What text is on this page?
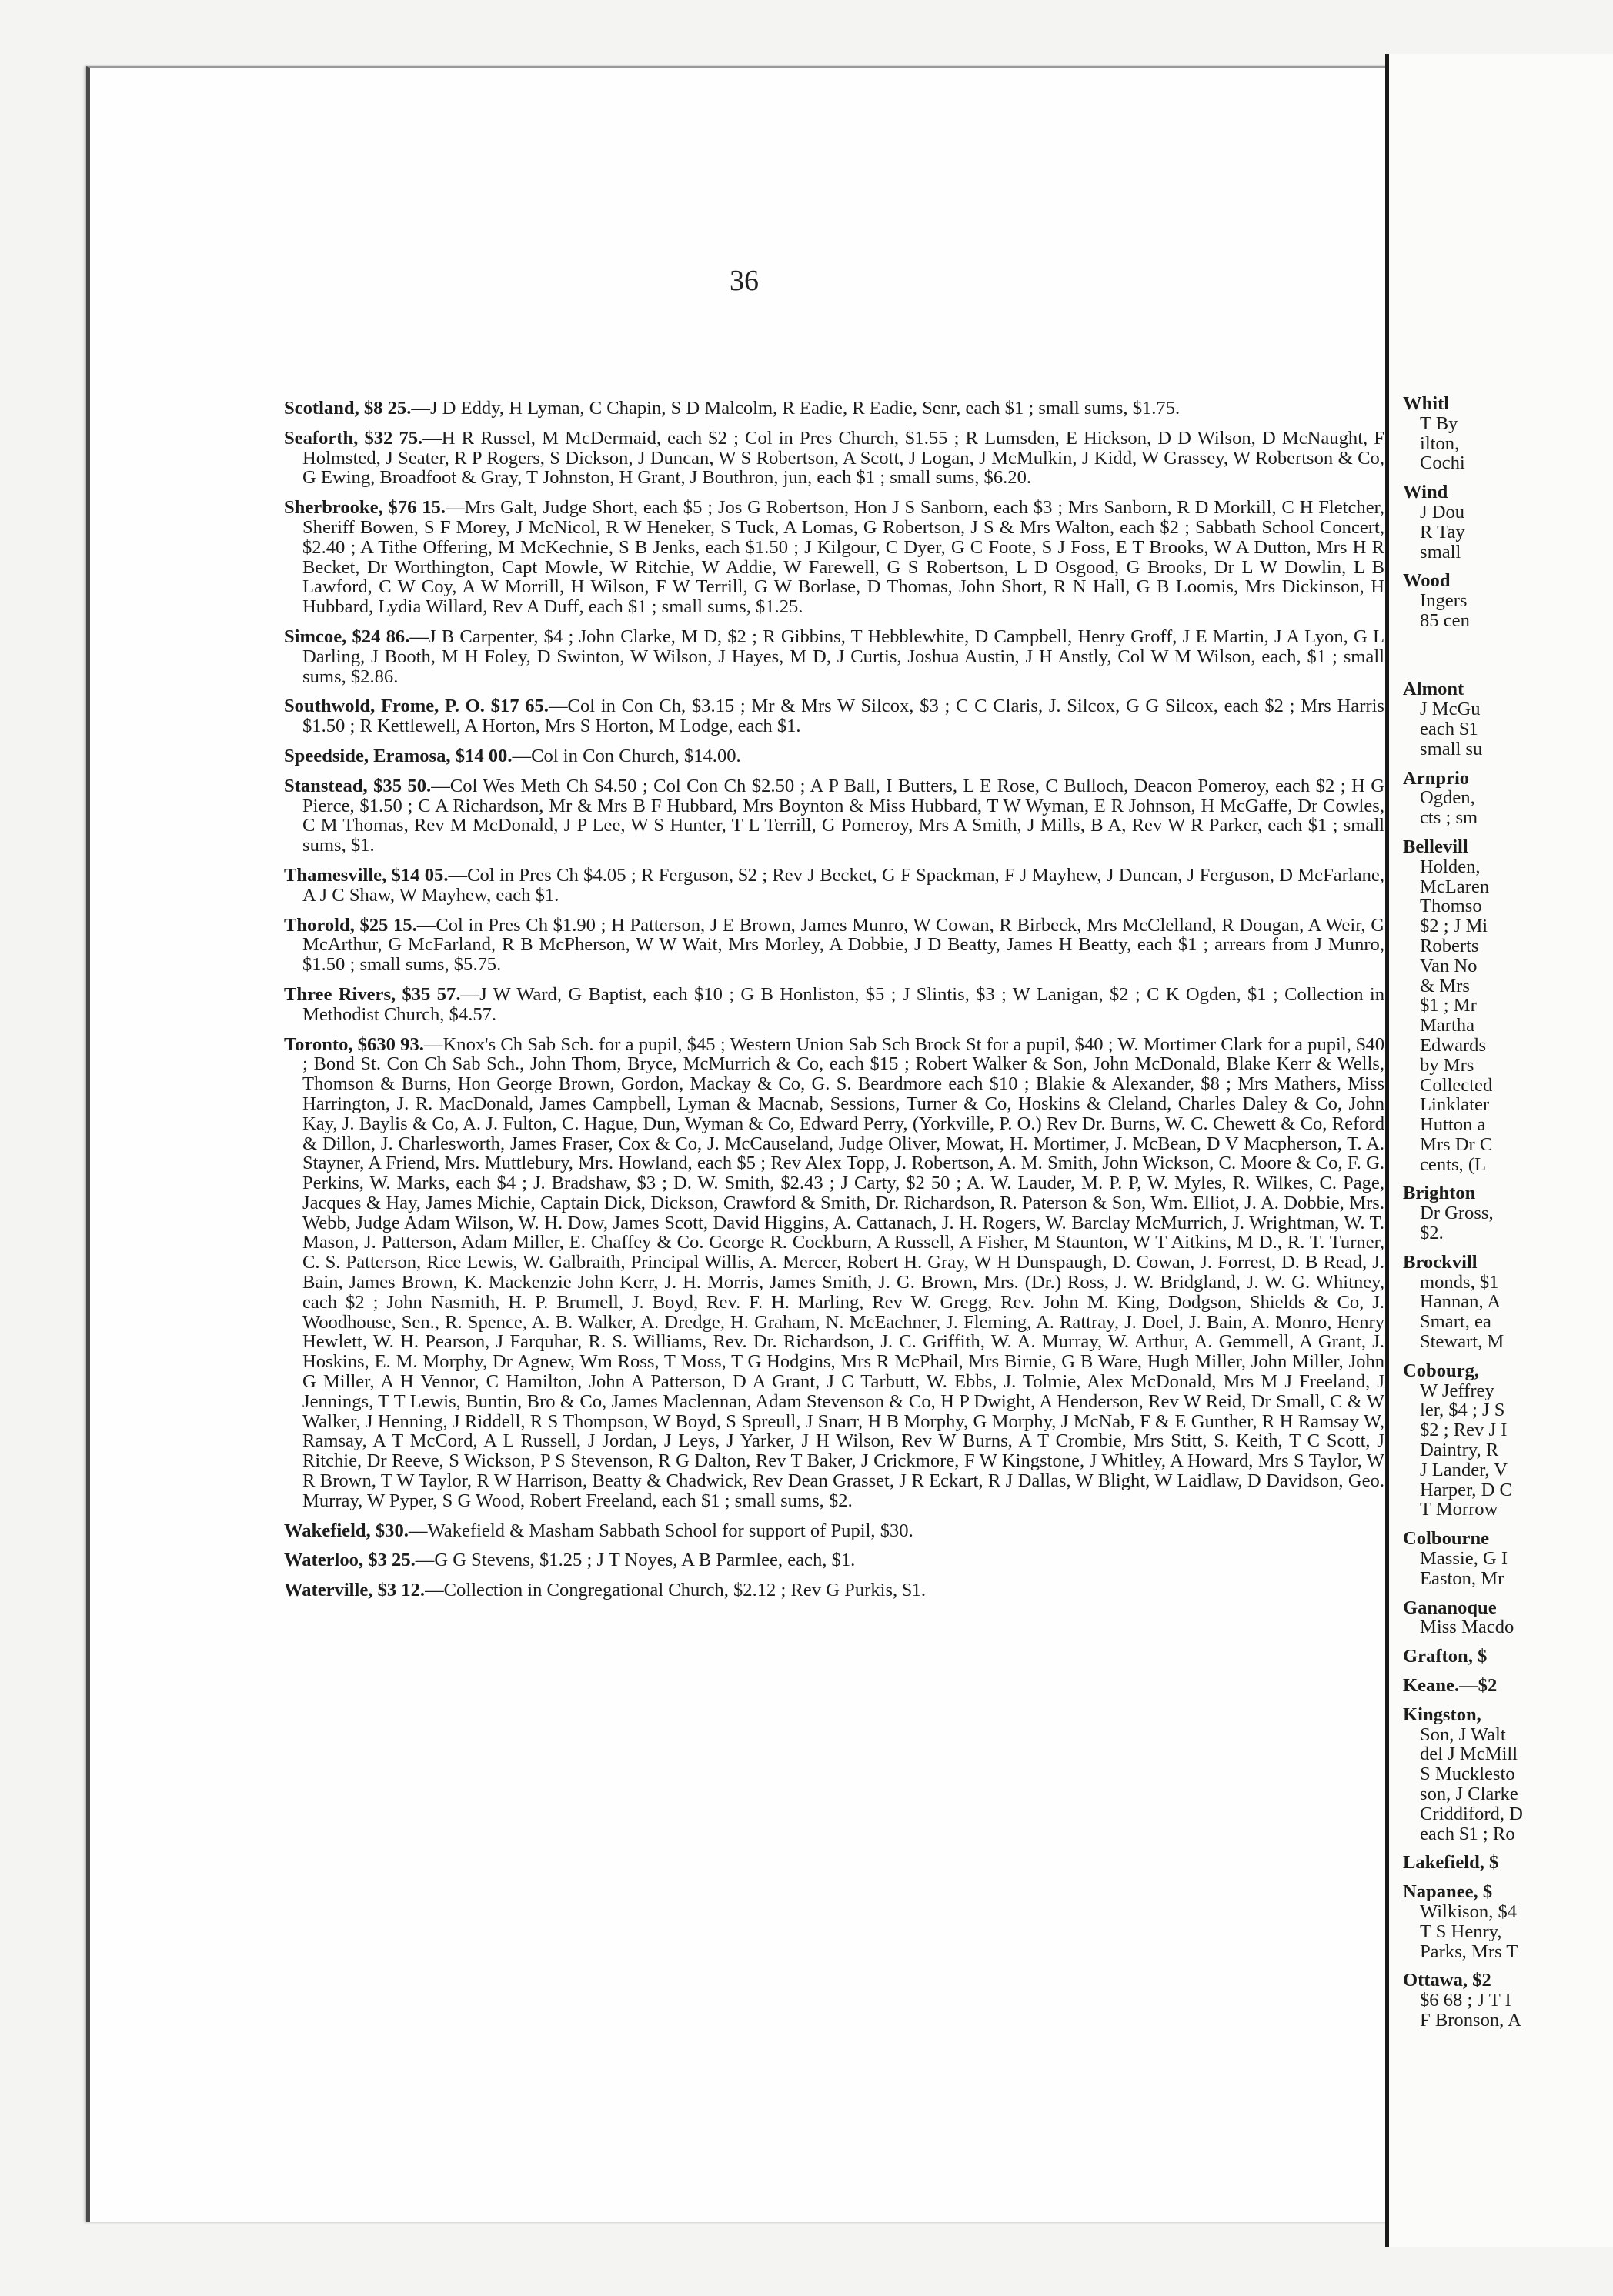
36

Scotland, $8 25.—J D Eddy, H Lyman, C Chapin, S D Malcolm, R Eadie, R Eadie, Senr, each $1 ; small sums, $1.75.

Seaforth, $32 75.—H R Russel, M McDermaid, each $2 ; Col in Pres Church, $1.55 ; R Lumsden, E Hickson, D D Wilson, D McNaught, F Holmsted, J Seater, R P Rogers, S Dickson, J Duncan, W S Robertson, A Scott, J Logan, J McMulkin, J Kidd, W Grassey, W Robertson & Co, G Ewing, Broadfoot & Gray, T Johnston, H Grant, J Bouthron, jun, each $1 ; small sums, $6.20.

Sherbrooke, $76 15.—Mrs Galt, Judge Short, each $5 ; Jos G Robertson, Hon J S Sanborn, each $3 ; Mrs Sanborn, R D Morkill, C H Fletcher, Sheriff Bowen, S F Morey, J McNicol, R W Heneker, S Tuck, A Lomas, G Robertson, J S & Mrs Walton, each $2 ; Sabbath School Concert, $2.40 ; A Tithe Offering, M McKechnie, S B Jenks, each $1.50 ; J Kilgour, C Dyer, G C Foote, S J Foss, E T Brooks, W A Dutton, Mrs H R Becket, Dr Worthington, Capt Mowle, W Ritchie, W Addie, W Farewell, G S Robertson, L D Osgood, G Brooks, Dr L W Dowlin, L B Lawford, C W Coy, A W Morrill, H Wilson, F W Terrill, G W Borlase, D Thomas, John Short, R N Hall, G B Loomis, Mrs Dickinson, H Hubbard, Lydia Willard, Rev A Duff, each $1 ; small sums, $1.25.

Simcoe, $24 86.—J B Carpenter, $4 ; John Clarke, M D, $2 ; R Gibbins, T Hebblewhite, D Campbell, Henry Groff, J E Martin, J A Lyon, G L Darling, J Booth, M H Foley, D Swinton, W Wilson, J Hayes, M D, J Curtis, Joshua Austin, J H Anstly, Col W M Wilson, each, $1 ; small sums, $2.86.

Southwold, Frome, P. O. $17 65.—Col in Con Ch, $3.15 ; Mr & Mrs W Silcox, $3 ; C C Claris, J. Silcox, G G Silcox, each $2 ; Mrs Harris $1.50 ; R Kettlewell, A Horton, Mrs S Horton, M Lodge, each $1.

Speedside, Eramosa, $14 00.—Col in Con Church, $14.00.

Stanstead, $35 50.—Col Wes Meth Ch $4.50 ; Col Con Ch $2.50 ; A P Ball, I Butters, L E Rose, C Bulloch, Deacon Pomeroy, each $2 ; H G Pierce, $1.50 ; C A Richardson, Mr & Mrs B F Hubbard, Mrs Boynton & Miss Hubbard, T W Wyman, E R Johnson, H McGaffe, Dr Cowles, C M Thomas, Rev M McDonald, J P Lee, W S Hunter, T L Terrill, G Pomeroy, Mrs A Smith, J Mills, B A, Rev W R Parker, each $1 ; small sums, $1.

Thamesville, $14 05.—Col in Pres Ch $4.05 ; R Ferguson, $2 ; Rev J Becket, G F Spackman, F J Mayhew, J Duncan, J Ferguson, D McFarlane, A J C Shaw, W Mayhew, each $1.

Thorold, $25 15.—Col in Pres Ch $1.90 ; H Patterson, J E Brown, James Munro, W Cowan, R Birbeck, Mrs McClelland, R Dougan, A Weir, G McArthur, G McFarland, R B McPherson, W W Wait, Mrs Morley, A Dobbie, J D Beatty, James H Beatty, each $1 ; arrears from J Munro, $1.50 ; small sums, $5.75.

Three Rivers, $35 57.—J W Ward, G Baptist, each $10 ; G B Honliston, $5 ; J Slintis, $3 ; W Lanigan, $2 ; C K Ogden, $1 ; Collection in Methodist Church, $4.57.

Toronto, $630 93.—Knox's Ch Sab Sch. for a pupil, $45 ; Western Union Sab Sch Brock St for a pupil, $40 ; W. Mortimer Clark for a pupil, $40 ; Bond St. Con Ch Sab Sch., John Thom, Bryce, McMurrich & Co, each $15 ; Robert Walker & Son, John McDonald, Blake Kerr & Wells, Thomson & Burns, Hon George Brown, Gordon, Mackay & Co, G. S. Beardmore each $10 ; Blakie & Alexander, $8 ; Mrs Mathers, Miss Harrington, J. R. MacDonald, James Campbell, Lyman & Macnab, Sessions, Turner & Co, Hoskins & Cleland, Charles Daley & Co, John Kay, J. Baylis & Co, A. J. Fulton, C. Hague, Dun, Wyman & Co, Edward Perry, (Yorkville, P. O.) Rev Dr. Burns, W. C. Chewett & Co, Reford & Dillon, J. Charlesworth, James Fraser, Cox & Co, J. McCauseland, Judge Oliver, Mowat, H. Mortimer, J. McBean, D V Macpherson, T. A. Stayner, A Friend, Mrs. Muttlebury, Mrs. Howland, each $5 ; Rev Alex Topp, J. Robertson, A. M. Smith, John Wickson, C. Moore & Co, F. G. Perkins, W. Marks, each $4 ; J. Bradshaw, $3 ; D. W. Smith, $2.43 ; J Carty, $2 50 ; A. W. Lauder, M. P. P, W. Myles, R. Wilkes, C. Page, Jacques & Hay, James Michie, Captain Dick, Dickson, Crawford & Smith, Dr. Richardson, R. Paterson & Son, Wm. Elliot, J. A. Dobbie, Mrs. Webb, Judge Adam Wilson, W. H. Dow, James Scott, David Higgins, A. Cattanach, J. H. Rogers, W. Barclay McMurrich, J. Wrightman, W. T. Mason, J. Patterson, Adam Miller, E. Chaffey & Co. George R. Cockburn, A Russell, A Fisher, M Staunton, W T Aitkins, M D., R. T. Turner, C. S. Patterson, Rice Lewis, W. Galbraith, Principal Willis, A. Mercer, Robert H. Gray, W H Dunspaugh, D. Cowan, J. Forrest, D. B Read, J. Bain, James Brown, K. Mackenzie John Kerr, J. H. Morris, James Smith, J. G. Brown, Mrs. (Dr.) Ross, J. W. Bridgland, J. W. G. Whitney, each $2 ; John Nasmith, H. P. Brumell, J. Boyd, Rev. F. H. Marling, Rev W. Gregg, Rev. John M. King, Dodgson, Shields & Co, J. Woodhouse, Sen., R. Spence, A. B. Walker, A. Dredge, H. Graham, N. McEachner, J. Fleming, A. Rattray, J. Doel, J. Bain, A. Monro, Henry Hewlett, W. H. Pearson, J Farquhar, R. S. Williams, Rev. Dr. Richardson, J. C. Griffith, W. A. Murray, W. Arthur, A. Gemmell, A Grant, J. Hoskins, E. M. Morphy, Dr Agnew, Wm Ross, T Moss, T G Hodgins, Mrs R McPhail, Mrs Birnie, G B Ware, Hugh Miller, John Miller, John G Miller, A H Vennor, C Hamilton, John A Patterson, D A Grant, J C Tarbutt, W. Ebbs, J. Tolmie, Alex McDonald, Mrs M J Freeland, J Jennings, T T Lewis, Buntin, Bro & Co, James Maclennan, Adam Stevenson & Co, H P Dwight, A Henderson, Rev W Reid, Dr Small, C & W Walker, J Henning, J Riddell, R S Thompson, W Boyd, S Spreull, J Snarr, H B Morphy, G Morphy, J McNab, F & E Gunther, R H Ramsay W, Ramsay, A T McCord, A L Russell, J Jordan, J Leys, J Yarker, J H Wilson, Rev W Burns, A T Crombie, Mrs Stitt, S. Keith, T C Scott, J Ritchie, Dr Reeve, S Wickson, P S Stevenson, R G Dalton, Rev T Baker, J Crickmore, F W Kingstone, J Whitley, A Howard, Mrs S Taylor, W R Brown, T W Taylor, R W Harrison, Beatty & Chadwick, Rev Dean Grasset, J R Eckart, R J Dallas, W Blight, W Laidlaw, D Davidson, Geo. Murray, W Pyper, S G Wood, Robert Freeland, each $1 ; small sums, $2.

Wakefield, $30.—Wakefield & Masham Sabbath School for support of Pupil, $30.

Waterloo, $3 25.—G G Stevens, $1.25 ; J T Noyes, A B Parmlee, each, $1.

Waterville, $3 12.—Collection in Congregational Church, $2.12 ; Rev G Purkis, $1.

Whitl
T By
ilton,
Cochi
Wind
J Dou
R Tay
small
Wood
Ingers
85 cen
Almont
J McGu
each $1
small su
Arnprio
Ogden,
cts ; sm
Bellevill
Holden,
McLaren
Thomso
$2 ; J Mi
Roberts
Van No
& Mrs
$1 ; Mr
Martha
Edwards
by Mrs
Collected
Linklater
Hutton a
Mrs Dr C
cents, (L
Brighton
Dr Gross,
$2.
Brockvill
monds, $1
Hannan, A
Smart, ea
Stewart, M
Cobourg,
W Jeffrey
ler, $4 ; J S
$2 ; Rev J I
Daintry, R
J Lander, V
Harper, D C
T Morrow
Colbourne
Massie, G I
Easton, Mr
Gananoque
Miss Macdo
Grafton, $
Keane.—$2
Kingston,
Son, J Walt
del J McMill
S Mucklesto
son, J Clarke
Criddiford, D
each $1 ; Ro
Lakefield, $
Napanee, $
Wilkison, $4
T S Henry,
Parks, Mrs T
Ottawa, $2
$6 68 ; J T I
F Bronson, A
